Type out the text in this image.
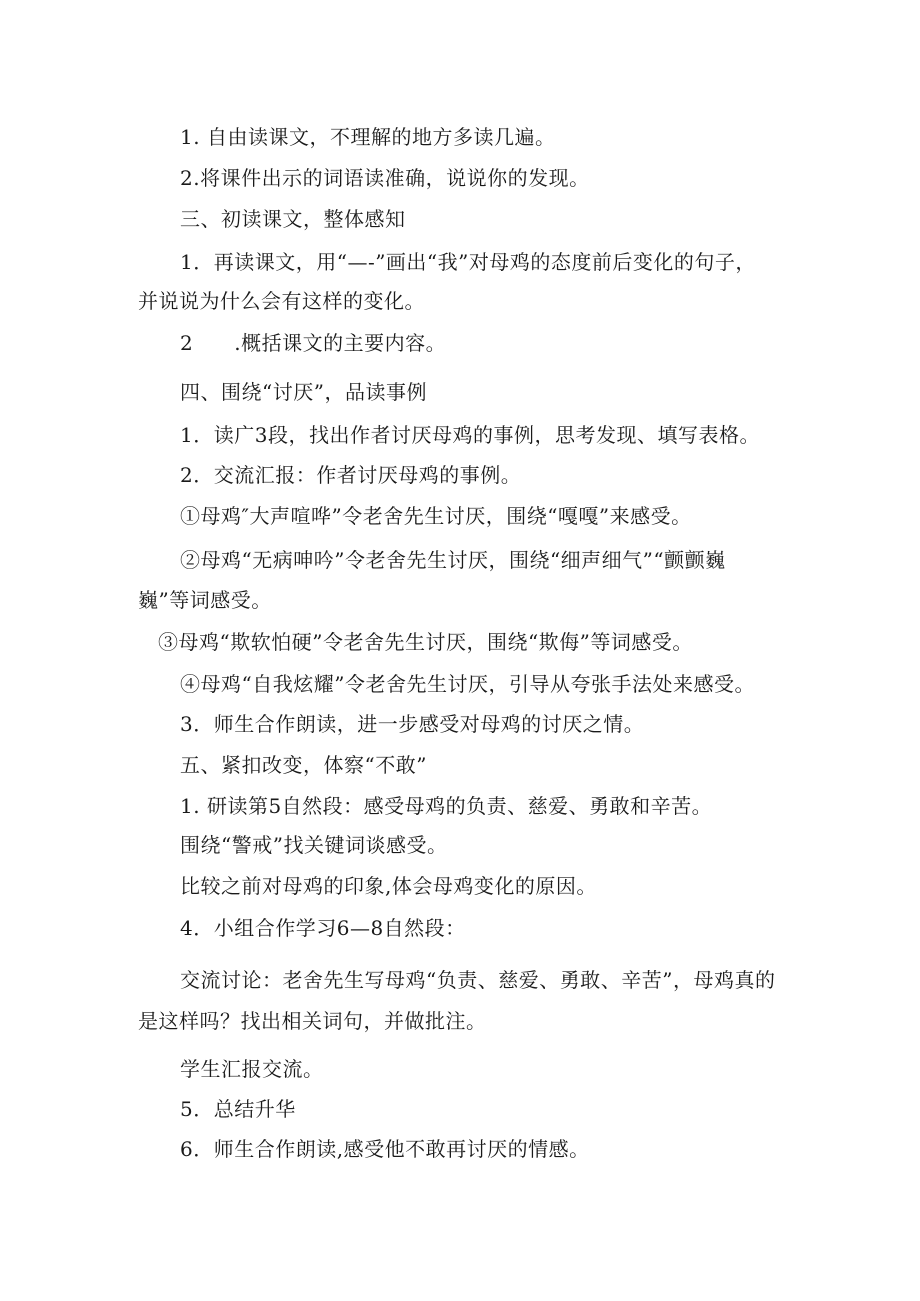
1. 自由读课文，不理解的地方多读几遍。

2.将课件出示的词语读准确，说说你的发现。

三、初读课文，整体感知

1．再读课文，用“—-”画出“我”对母鸡的态度前后变化的句子，

并说说为什么会有这样的变化。

2　　.概括课文的主要内容。

四、围绕“讨厌”，品读事例

1．读广3段，找出作者讨厌母鸡的事例，思考发现、填写表格。

2．交流汇报：作者讨厌母鸡的事例。

①母鸡″大声喧哗”令老舍先生讨厌，围绕“嘎嘎”来感受。

②母鸡“无病呻吟”令老舍先生讨厌，围绕“细声细气”“颤颤巍

巍”等词感受。

③母鸡“欺软怕硬”令老舍先生讨厌，围绕“欺侮”等词感受。

④母鸡“自我炫耀”令老舍先生讨厌，引导从夸张手法处来感受。

3．师生合作朗读，进一步感受对母鸡的讨厌之情。

五、紧扣改变，体察“不敢”

1. 研读第5自然段：感受母鸡的负责、慈爱、勇敢和辛苦。

围绕“警戒”找关键词谈感受。

比较之前对母鸡的印象,体会母鸡变化的原因。

4．小组合作学习6—8自然段：

交流讨论：老舍先生写母鸡“负责、慈爱、勇敢、辛苦”，母鸡真的

是这样吗？找出相关词句，并做批注。

学生汇报交流。

5．总结升华

6．师生合作朗读,感受他不敢再讨厌的情感。
